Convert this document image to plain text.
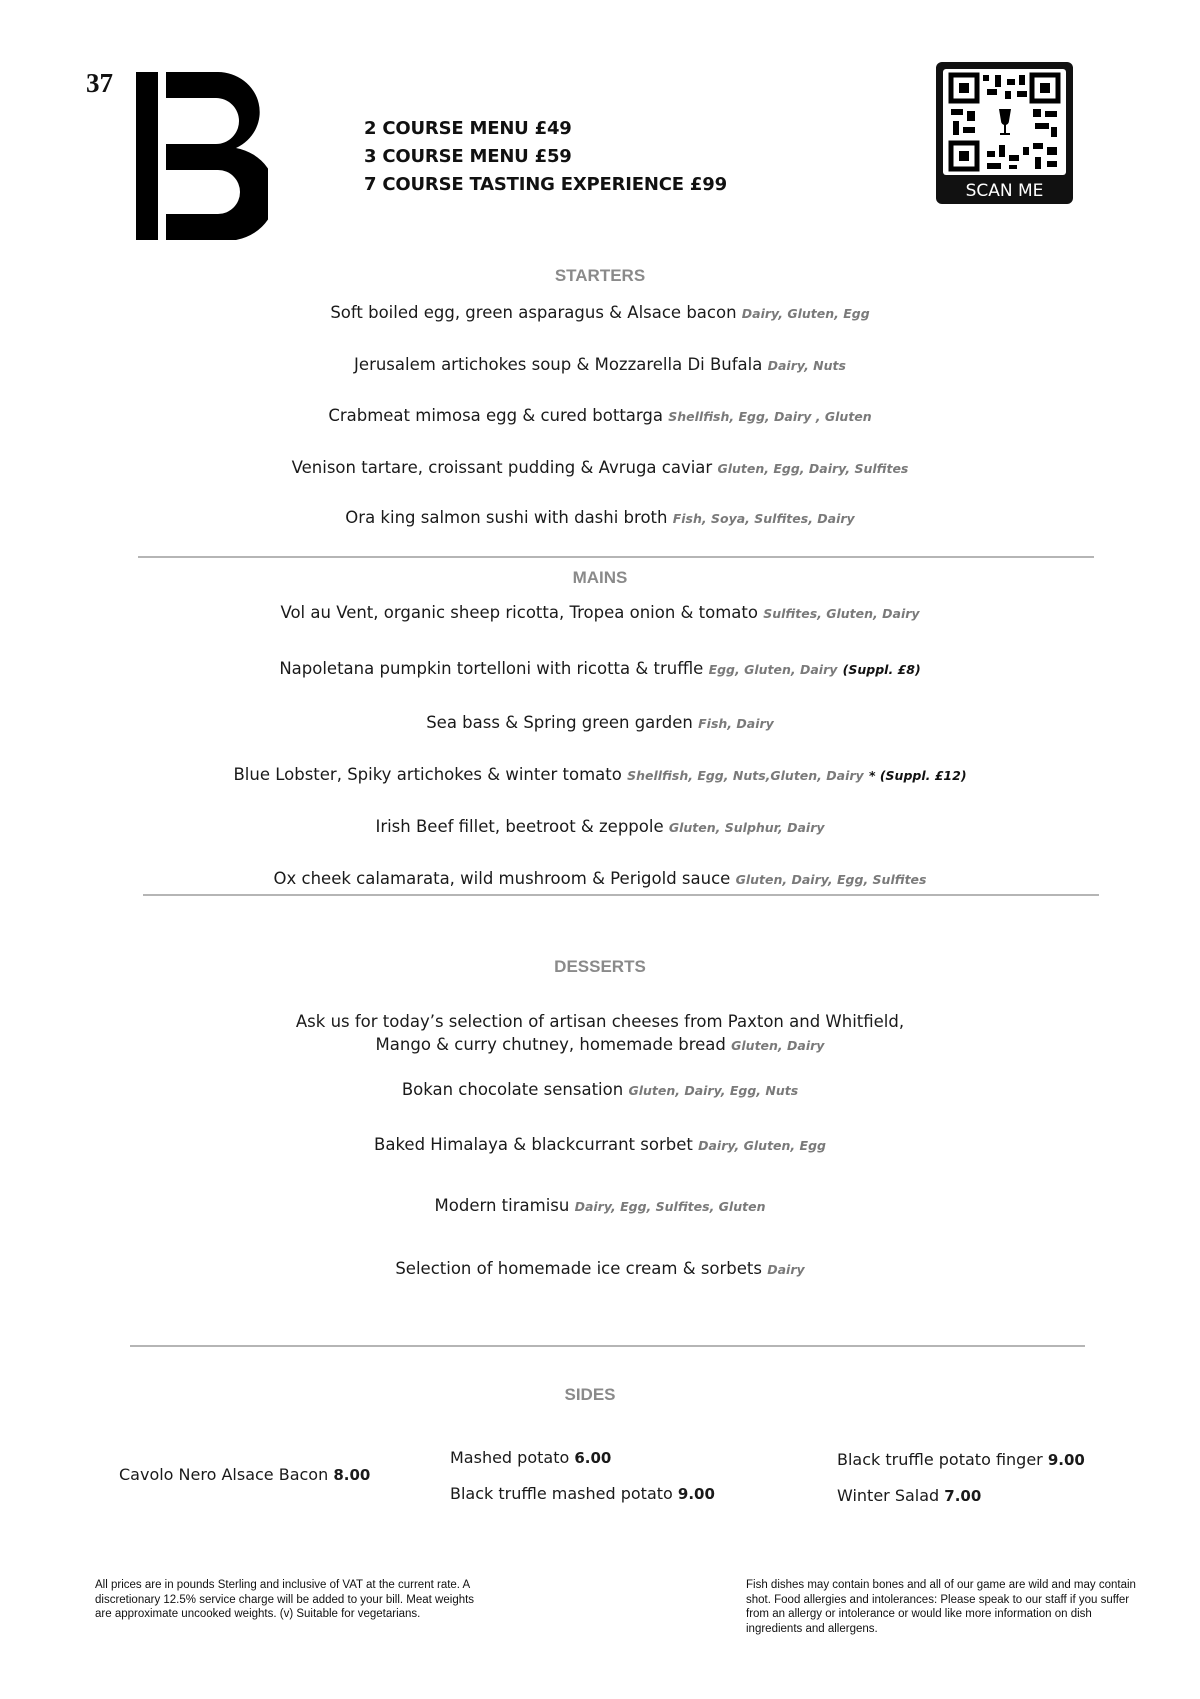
37
2 COURSE MENU £49
3 COURSE MENU £59
7 COURSE TASTING EXPERIENCE £99	SCAN ME
STARTERS
Soft boiled egg, green asparagus & Alsace bacon Dairy, Gluten, Egg
Jerusalem artichokes soup & Mozzarella Di Bufala Dairy, Nuts
Crabmeat mimosa egg & cured bottarga Shellfish, Egg, Dairy , Gluten
Venison tartare, croissant pudding & Avruga caviar Gluten, Egg, Dairy, Sulfites
Ora king salmon sushi with dashi broth Fish, Soya, Sulfites, Dairy
MAINS
Vol au Vent, organic sheep ricotta, Tropea onion & tomato Sulfites, Gluten, Dairy
Napoletana pumpkin tortelloni with ricotta & truffle Egg, Gluten, Dairy (Suppl. £8)
Sea bass & Spring green garden Fish, Dairy
Blue Lobster, Spiky artichokes & winter tomato Shellfish, Egg, Nuts,Gluten, Dairy * (Suppl. £12)
Irish Beef fillet, beetroot & zeppole Gluten, Sulphur, Dairy
Ox cheek calamarata, wild mushroom & Perigold sauce Gluten, Dairy, Egg, Sulfites
DESSERTS
Ask us for today’s selection of artisan cheeses from Paxton and Whitfield,
Mango & curry chutney, homemade bread Gluten, Dairy
Bokan chocolate sensation Gluten, Dairy, Egg, Nuts
Baked Himalaya & blackcurrant sorbet Dairy, Gluten, Egg
Modern tiramisu Dairy, Egg, Sulfites, Gluten
Selection of homemade ice cream & sorbets Dairy
SIDES
Cavolo Nero Alsace Bacon 8.00
Mashed potato 6.00
Black truffle mashed potato 9.00
Black truffle potato finger 9.00
Winter Salad 7.00
All prices are in pounds Sterling and inclusive of VAT at the current rate. A discretionary 12.5% service charge will be added to your bill. Meat weights are approximate uncooked weights. (v) Suitable for vegetarians.
Fish dishes may contain bones and all of our game are wild and may contain shot. Food allergies and intolerances: Please speak to our staff if you suffer from an allergy or intolerance or would like more information on dish ingredients and allergens.
